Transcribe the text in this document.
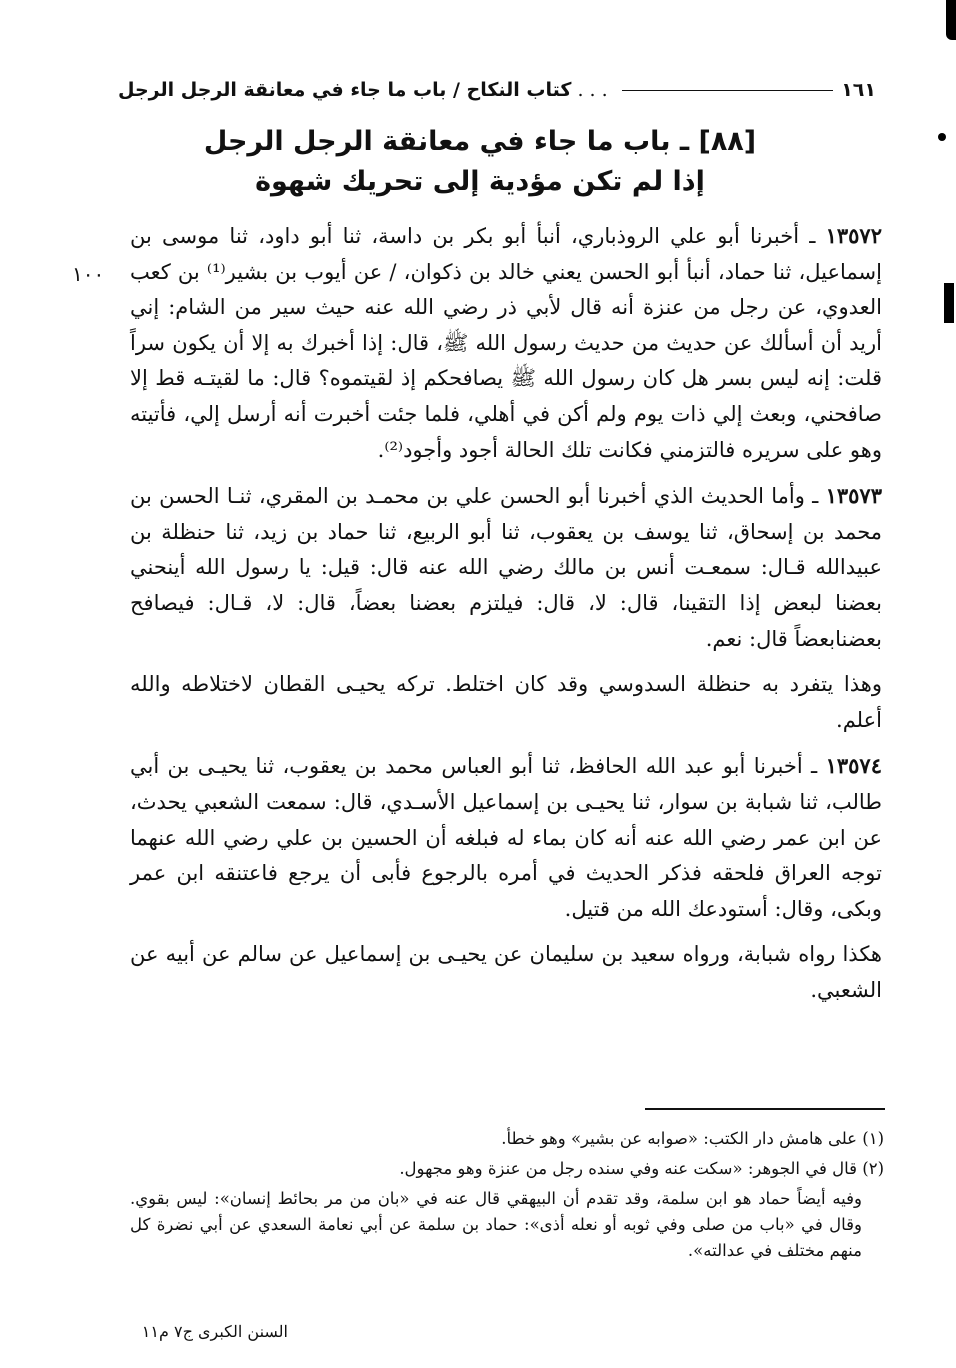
كتاب النكاح / باب ما جاء في معانقة الرجل الرجل . . .	١٦١
[٨٨] ـ باب ما جاء في معانقة الرجل الرجل
إذا لم تكن مؤدية إلى تحريك شهوة
١٠٠
١٣٥٧٢ ـ أخبرنا أبو علي الروذباري، أنبأ أبو بكر بن داسة، ثنا أبو داود، ثنا موسى بن إسماعيل، ثنا حماد، أنبأ أبو الحسن يعني خالد بن ذكوان، / عن أيوب بن بشير⁽¹⁾ بن كعب العدوي، عن رجل من عنزة أنه قال لأبي ذر رضي الله عنه حيث سير من الشام: إني أريد أن أسألك عن حديث من حديث رسول الله ﷺ، قال: إذا أخبرك به إلا أن يكون سراً قلت: إنه ليس بسر هل كان رسول الله ﷺ يصافحكم إذ لقيتموه؟ قال: ما لقيتـه قط إلا صافحني، وبعث إلي ذات يوم ولم أكن في أهلي، فلما جئت أخبرت أنه أرسل إلي، فأتيته وهو على سريره فالتزمني فكانت تلك الحالة أجود وأجود⁽²⁾.
١٣٥٧٣ ـ وأما الحديث الذي أخبرنا أبو الحسن علي بن محمـد بن المقري، ثنـا الحسن بن محمد بن إسحاق، ثنا يوسف بن يعقوب، ثنا أبو الربيع، ثنا حماد بن زيد، ثنا حنظلة بن عبيدالله قـال: سمعـت أنس بن مالك رضي الله عنه قال: قيل: يا رسول الله أينحني بعضنا لبعض إذا التقينا، قال: لا، قال: فيلتزم بعضنا بعضاً، قال: لا، قـال: فيصافح بعضنابعضاً قال: نعم.
وهذا يتفرد به حنظلة السدوسي وقد كان اختلط. تركه يحيـى القطان لاختلاطه والله أعلم.
١٣٥٧٤ ـ أخبرنا أبو عبد الله الحافظ، ثنا أبو العباس محمد بن يعقوب، ثنا يحيـى بن أبي طالب، ثنا شبابة بن سوار، ثنا يحيـى بن إسماعيل الأسـدي، قال: سمعت الشعبي يحدث، عن ابن عمر رضي الله عنه أنه كان بماء له فبلغه أن الحسين بن علي رضي الله عنهما توجه العراق فلحقه فذكر الحديث في أمره بالرجوع فأبى أن يرجع فاعتنقه ابن عمر وبكى، وقال: أستودعك الله من قتيل.
هكذا رواه شبابة، ورواه سعيد بن سليمان عن يحيـى بن إسماعيل عن سالم عن أبيه عن الشعبي.

(١) على هامش دار الكتب: «صوابه عن بشير» وهو خطأ.

(٢) قال في الجوهر: «سكت عنه وفي سنده رجل من عنزة وهو مجهول.

وفيه أيضاً حماد هو ابن سلمة، وقد تقدم أن البيهقي قال عنه في «بان من مر بحائط إنسان»: ليس بقوي. وقال في «باب من صلى وفي ثوبه أو نعله أذى»: حماد بن سلمة عن أبي نعامة السعدي عن أبي نضرة كل منهم مختلف في عدالته».

السنن الكبرى ج٧ م١١
